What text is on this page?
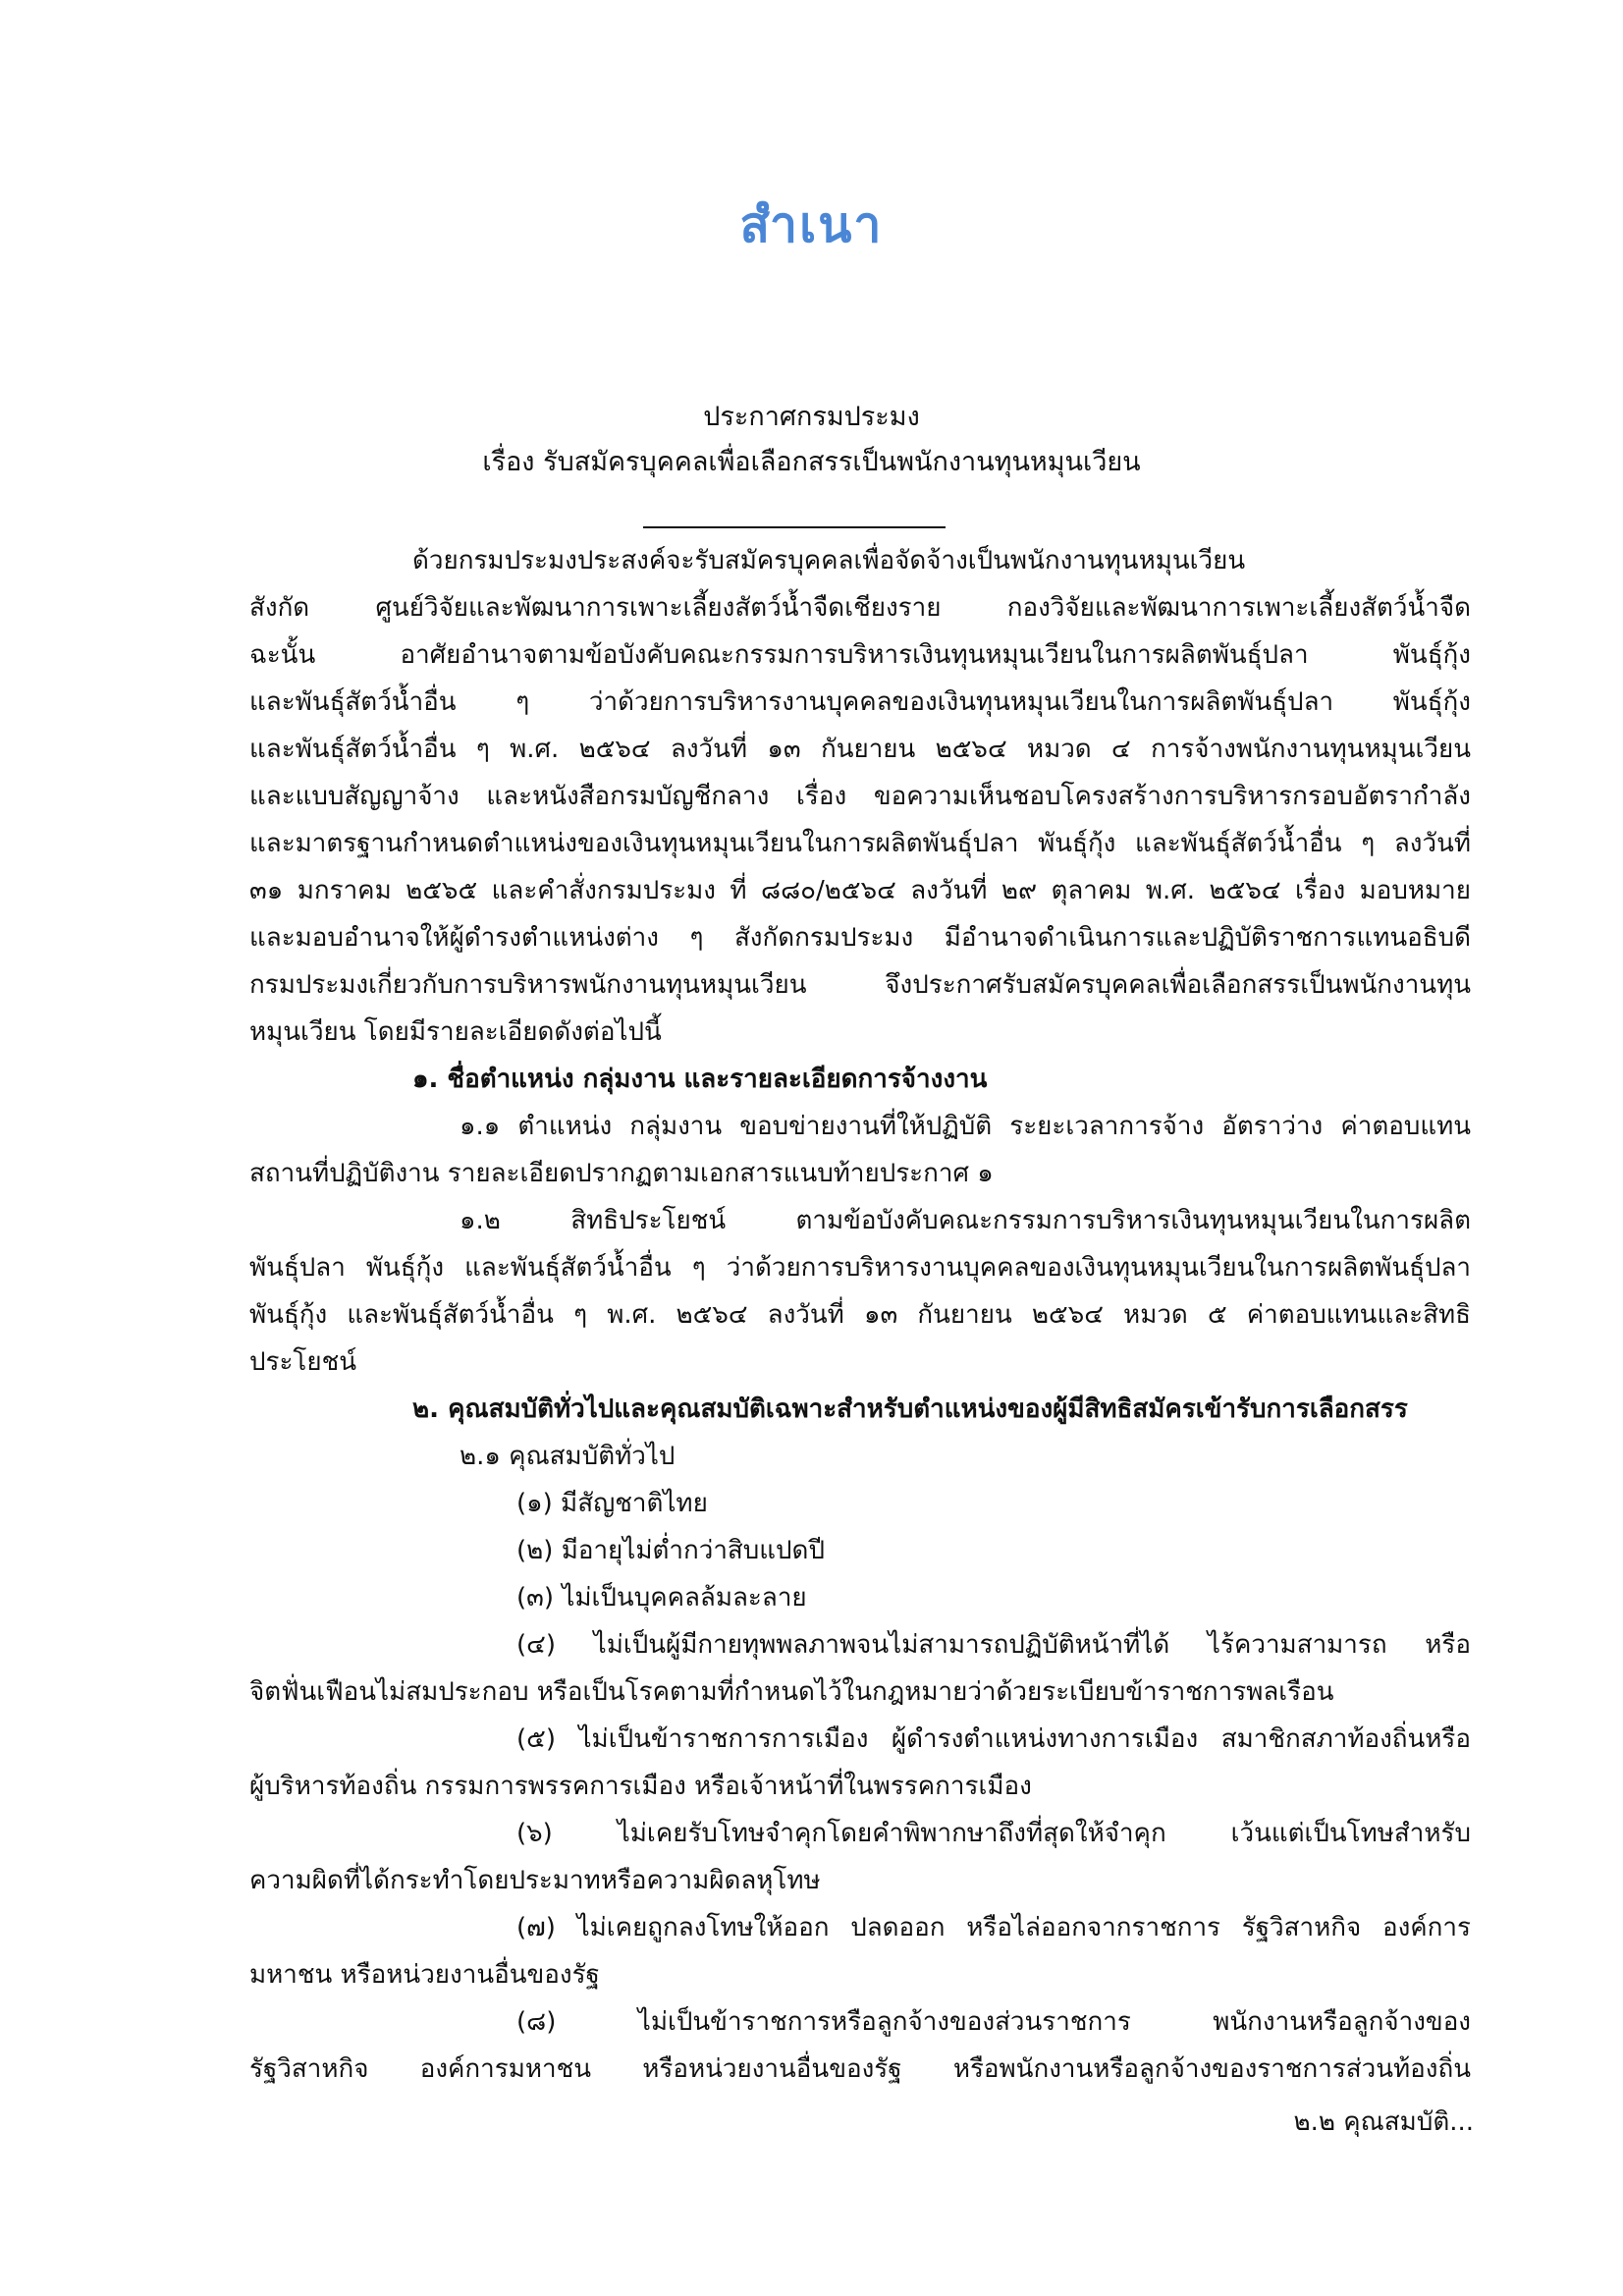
สำเนา
ประกาศกรมประมง
เรื่อง รับสมัครบุคคลเพื่อเลือกสรรเป็นพนักงานทุนหมุนเวียน
ด้วยกรมประมงประสงค์จะรับสมัครบุคคลเพื่อจัดจ้างเป็นพนักงานทุนหมุนเวียน
สังกัด ศูนย์วิจัยและพัฒนาการเพาะเลี้ยงสัตว์น้ำจืดเชียงราย กองวิจัยและพัฒนาการเพาะเลี้ยงสัตว์น้ำจืด
ฉะนั้น อาศัยอำนาจตามข้อบังคับคณะกรรมการบริหารเงินทุนหมุนเวียนในการผลิตพันธุ์ปลา พันธุ์กุ้ง
และพันธุ์สัตว์น้ำอื่น ๆ ว่าด้วยการบริหารงานบุคคลของเงินทุนหมุนเวียนในการผลิตพันธุ์ปลา พันธุ์กุ้ง
และพันธุ์สัตว์น้ำอื่น ๆ พ.ศ. ๒๕๖๔ ลงวันที่ ๑๓ กันยายน ๒๕๖๔ หมวด ๔ การจ้างพนักงานทุนหมุนเวียน
และแบบสัญญาจ้าง และหนังสือกรมบัญชีกลาง เรื่อง ขอความเห็นชอบโครงสร้างการบริหารกรอบอัตรากำลัง
และมาตรฐานกำหนดตำแหน่งของเงินทุนหมุนเวียนในการผลิตพันธุ์ปลา พันธุ์กุ้ง และพันธุ์สัตว์น้ำอื่น ๆ ลงวันที่
๓๑ มกราคม ๒๕๖๕ และคำสั่งกรมประมง ที่ ๘๘๐/๒๕๖๔ ลงวันที่ ๒๙ ตุลาคม พ.ศ. ๒๕๖๔ เรื่อง มอบหมาย
และมอบอำนาจให้ผู้ดำรงตำแหน่งต่าง ๆ สังกัดกรมประมง มีอำนาจดำเนินการและปฏิบัติราชการแทนอธิบดี
กรมประมงเกี่ยวกับการบริหารพนักงานทุนหมุนเวียน จึงประกาศรับสมัครบุคคลเพื่อเลือกสรรเป็นพนักงานทุน
หมุนเวียน โดยมีรายละเอียดดังต่อไปนี้
๑. ชื่อตำแหน่ง กลุ่มงาน และรายละเอียดการจ้างงาน
๑.๑ ตำแหน่ง กลุ่มงาน ขอบข่ายงานที่ให้ปฏิบัติ ระยะเวลาการจ้าง อัตราว่าง ค่าตอบแทน
สถานที่ปฏิบัติงาน รายละเอียดปรากฏตามเอกสารแนบท้ายประกาศ ๑
๑.๒ สิทธิประโยชน์ ตามข้อบังคับคณะกรรมการบริหารเงินทุนหมุนเวียนในการผลิต
พันธุ์ปลา พันธุ์กุ้ง และพันธุ์สัตว์น้ำอื่น ๆ ว่าด้วยการบริหารงานบุคคลของเงินทุนหมุนเวียนในการผลิตพันธุ์ปลา
พันธุ์กุ้ง และพันธุ์สัตว์น้ำอื่น ๆ พ.ศ. ๒๕๖๔ ลงวันที่ ๑๓ กันยายน ๒๕๖๔ หมวด ๕ ค่าตอบแทนและสิทธิ
ประโยชน์
๒. คุณสมบัติทั่วไปและคุณสมบัติเฉพาะสำหรับตำแหน่งของผู้มีสิทธิสมัครเข้ารับการเลือกสรร
๒.๑ คุณสมบัติทั่วไป
(๑) มีสัญชาติไทย
(๒) มีอายุไม่ต่ำกว่าสิบแปดปี
(๓) ไม่เป็นบุคคลล้มละลาย
(๔) ไม่เป็นผู้มีกายทุพพลภาพจนไม่สามารถปฏิบัติหน้าที่ได้ ไร้ความสามารถ หรือ
จิตฟั่นเฟือนไม่สมประกอบ หรือเป็นโรคตามที่กำหนดไว้ในกฎหมายว่าด้วยระเบียบข้าราชการพลเรือน
(๕) ไม่เป็นข้าราชการการเมือง ผู้ดำรงตำแหน่งทางการเมือง สมาชิกสภาท้องถิ่นหรือ
ผู้บริหารท้องถิ่น กรรมการพรรคการเมือง หรือเจ้าหน้าที่ในพรรคการเมือง
(๖) ไม่เคยรับโทษจำคุกโดยคำพิพากษาถึงที่สุดให้จำคุก เว้นแต่เป็นโทษสำหรับ
ความผิดที่ได้กระทำโดยประมาทหรือความผิดลหุโทษ
(๗) ไม่เคยถูกลงโทษให้ออก ปลดออก หรือไล่ออกจากราชการ รัฐวิสาหกิจ องค์การ
มหาชน หรือหน่วยงานอื่นของรัฐ
(๘) ไม่เป็นข้าราชการหรือลูกจ้างของส่วนราชการ พนักงานหรือลูกจ้างของ
รัฐวิสาหกิจ องค์การมหาชน หรือหน่วยงานอื่นของรัฐ หรือพนักงานหรือลูกจ้างของราชการส่วนท้องถิ่น
๒.๒ คุณสมบัติ...
